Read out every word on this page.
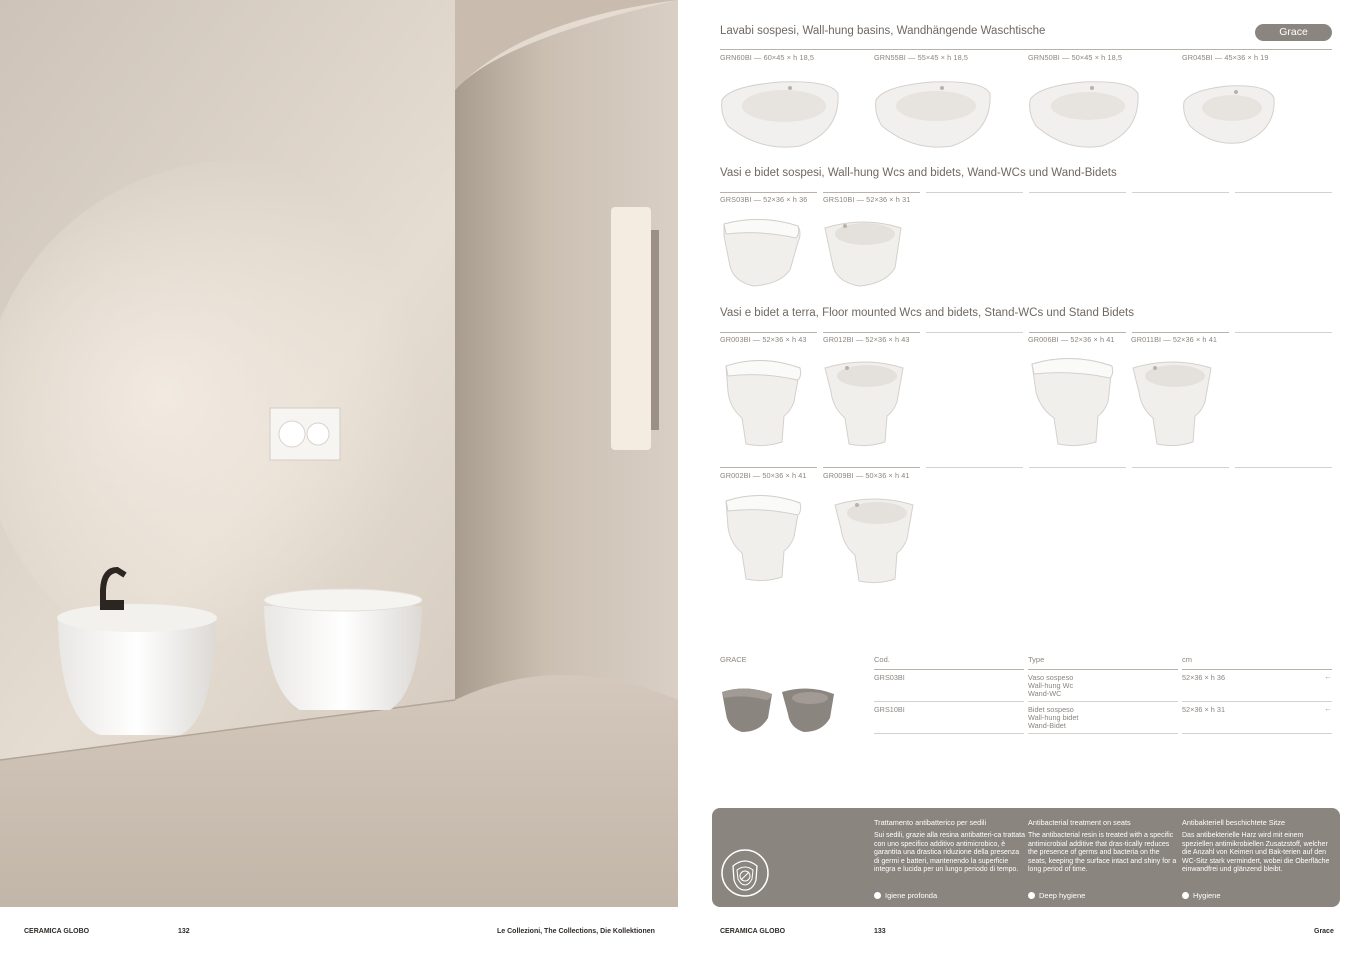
CERAMICA GLOBO	132	Le Collezioni, The Collections, Die Kollektionen	CERAMICA GLOBO	133	Grace
Lavabi sospesi, Wall-hung basins, Wandhängende Waschtische	Grace
GRN60BI — 60×45 × h 18,5	GRN55BI — 55×45 × h 18,5	GRN50BI — 50×45 × h 18,5	GR045BI — 45×36 × h 19
Vasi e bidet sospesi, Wall-hung Wcs and bidets, Wand-WCs und Wand-Bidets
GRS03BI — 52×36 × h 36 GRS10BI — 52×36 × h 31
Vasi e bidet a terra, Floor mounted Wcs and bidets, Stand-WCs und Stand Bidets
GR003BI — 52×36 × h 43 GR012BI — 52×36 × h 43	GR006BI — 52×36 × h 41 GR011BI — 52×36 × h 41
GR002BI — 50×36 × h 41 GR009BI — 50×36 × h 41
GRACE	Cod.	Type	cm
GRS03BI	Vaso sospeso
Wall-hung Wc
Wand-WC
52×36 × h 36	←
GRS10BI	Bidet sospeso
Wall-hung bidet
Wand-Bidet
52×36 × h 31	←
Trattamento antibatterico per sedili
Sui sedili, grazie alla resina antibatteri-ca trattata con uno specifico additivo antimicrobico, è garantita una drastica riduzione della presenza di germi e batteri, mantenendo la superficie integra e lucida per un lungo periodo di tempo.
Igiene profonda
Antibacterial treatment on seats
The antibacterial resin is treated with a specific antimicrobial additive that dras-tically reduces the presence of germs and bacteria on the seats, keeping the surface intact and shiny for a long period of time.
Deep hygiene
Antibakteriell beschichtete Sitze
Das antibekterielle Harz wird mit einem speziellen antimikrobiellen Zusatzstoff, welcher die Anzahl von Keimen und Bak-terien auf den WC-Sitz stark vermindert, wobei die Oberfläche einwandfrei und glänzend bleibt.
Hygiene
